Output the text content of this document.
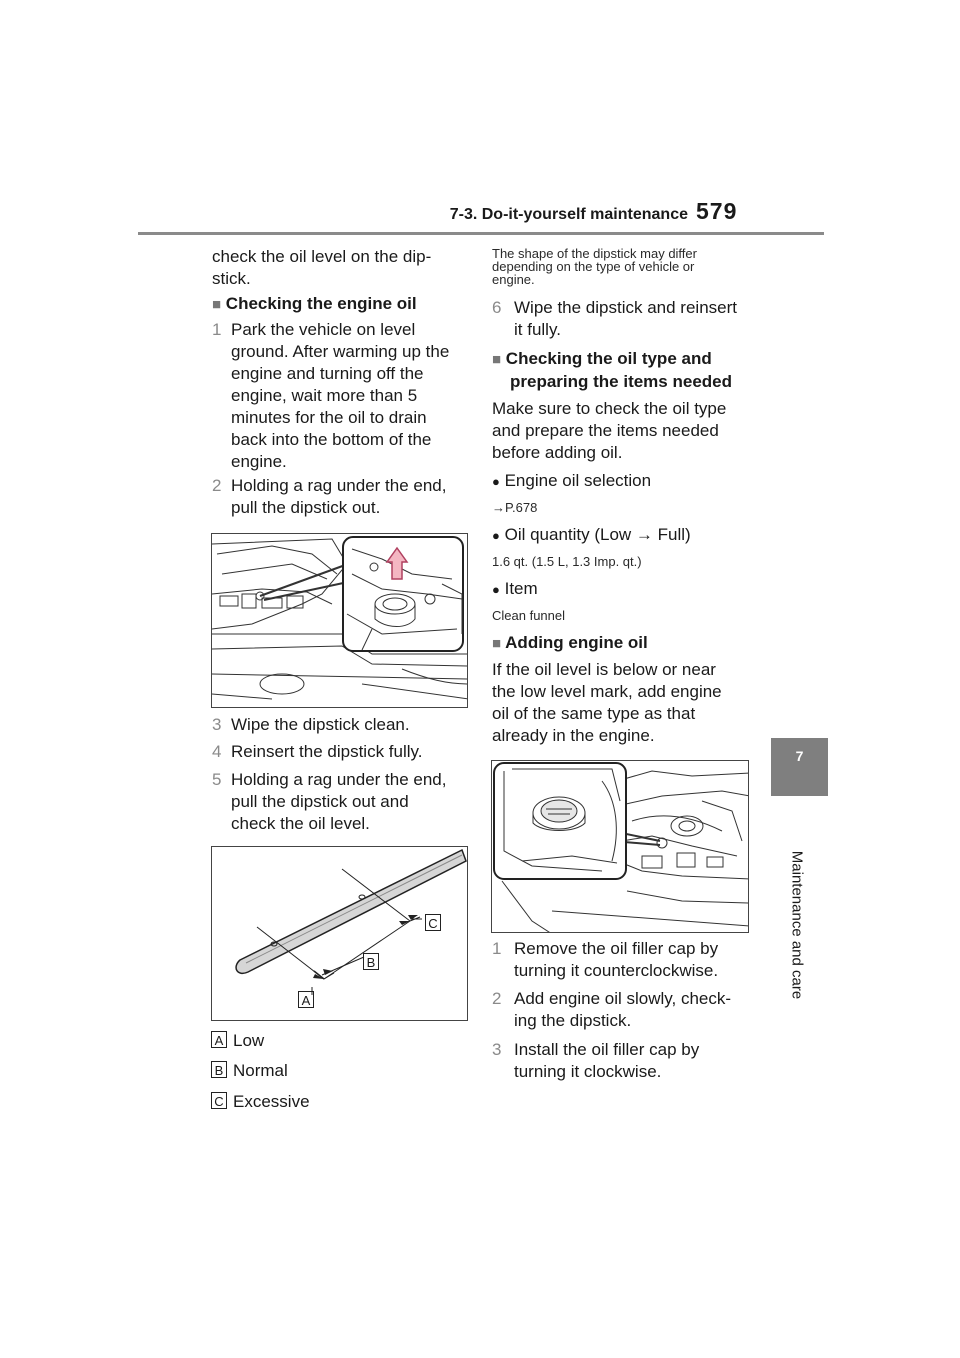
7-3. Do-it-yourself maintenance 579
7
Maintenance and care
check the oil level on the dip-
stick.
■ Checking the engine oil
1 Park the vehicle on level
ground. After warming up the
engine and turning off the
engine, wait more than 5
minutes for the oil to drain
back into the bottom of the
engine.
2 Holding a rag under the end,
pull the dipstick out.
3 Wipe the dipstick clean.
4 Reinsert the dipstick fully.
5 Holding a rag under the end,
pull the dipstick out and
check the oil level.
A
B
C
A Low
B Normal
C Excessive
The shape of the dipstick may differ
depending on the type of vehicle or
engine.
6 Wipe the dipstick and reinsert
it fully.
■ Checking the oil type and
preparing the items needed
Make sure to check the oil type
and prepare the items needed
before adding oil.
● Engine oil selection
→P.678
● Oil quantity (Low → Full)
1.6 qt. (1.5 L, 1.3 Imp. qt.)
● Item
Clean funnel
■ Adding engine oil
If the oil level is below or near
the low level mark, add engine
oil of the same type as that
already in the engine.
1 Remove the oil filler cap by
turning it counterclockwise.
2 Add engine oil slowly, check-
ing the dipstick.
3 Install the oil filler cap by
turning it clockwise.
